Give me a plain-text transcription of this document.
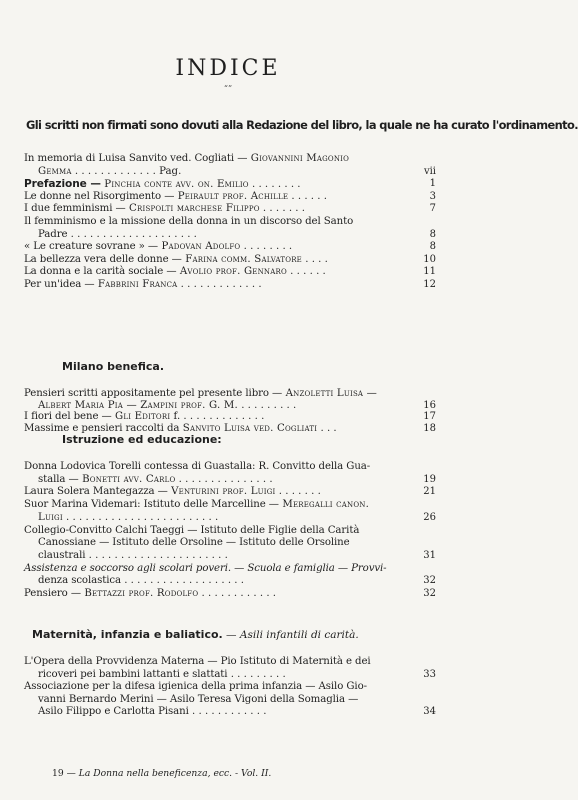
INDICE
“”
Gli scritti non firmati sono dovuti alla Redazione del libro, la quale ne ha curato l'ordinamento.
In memoria di Luisa Sanvito ved. Cogliati — Giovannini Magonio
Gemma . . . . . . . . . . . . . Pag.	vii
Prefazione — Pinchia conte avv. on. Emilio . . . . . . . .	1
Le donne nel Risorgimento — Peirault prof. Achille . . . . . .	3
I due femminismi — Crispolti marchese Filippo . . . . . . .	7
Il femminismo e la missione della donna in un discorso del Santo
Padre . . . . . . . . . . . . . . . . . . . .	8
« Le creature sovrane » — Padovan Adolfo . . . . . . . .	8
La bellezza vera delle donne — Farina comm. Salvatore . . . .	10
La donna e la carità sociale — Avolio prof. Gennaro . . . . . .	11
Per un'idea — Fabbrini Franca . . . . . . . . . . . . .	12
Milano benefica.
Pensieri scritti appositamente pel presente libro — Anzoletti Luisa —
Albert Maria Pia — Zampini prof. G. M. . . . . . . . . .	16
I fiori del bene — Gli Editori f. . . . . . . . . . . . . .	17
Massime e pensieri raccolti da Sanvito Luisa ved. Cogliati . . .	18
Istruzione ed educazione:
Donna Lodovica Torelli contessa di Guastalla: R. Convitto della Gua-
stalla — Bonetti avv. Carlo . . . . . . . . . . . . . . .	19
Laura Solera Mantegazza — Venturini prof. Luigi . . . . . . .	21
Suor Marina Videmari: Istituto delle Marcelline — Meregalli canon.
Luigi . . . . . . . . . . . . . . . . . . . . . . . .	26
Collegio-Convitto Calchi Taeggi — Istituto delle Figlie della Carità
Canossiane — Istituto delle Orsoline — Istituto delle Orsoline
claustrali . . . . . . . . . . . . . . . . . . . . . .	31
Assistenza e soccorso agli scolari poveri. — Scuola e famiglia — Provvi-
denza scolastica . . . . . . . . . . . . . . . . . . .	32
Pensiero — Bettazzi prof. Rodolfo . . . . . . . . . . . .	32
Maternità, infanzia e baliatico. — Asili infantili di carità.
L'Opera della Provvidenza Materna — Pio Istituto di Maternità e dei
ricoveri pei bambini lattanti e slattati . . . . . . . . .	33
Associazione per la difesa igienica della prima infanzia — Asilo Gio-
vanni Bernardo Merini — Asilo Teresa Vigoni della Somaglia —
Asilo Filippo e Carlotta Pisani . . . . . . . . . . . .	34
19 — La Donna nella beneficenza, ecc. - Vol. II.
